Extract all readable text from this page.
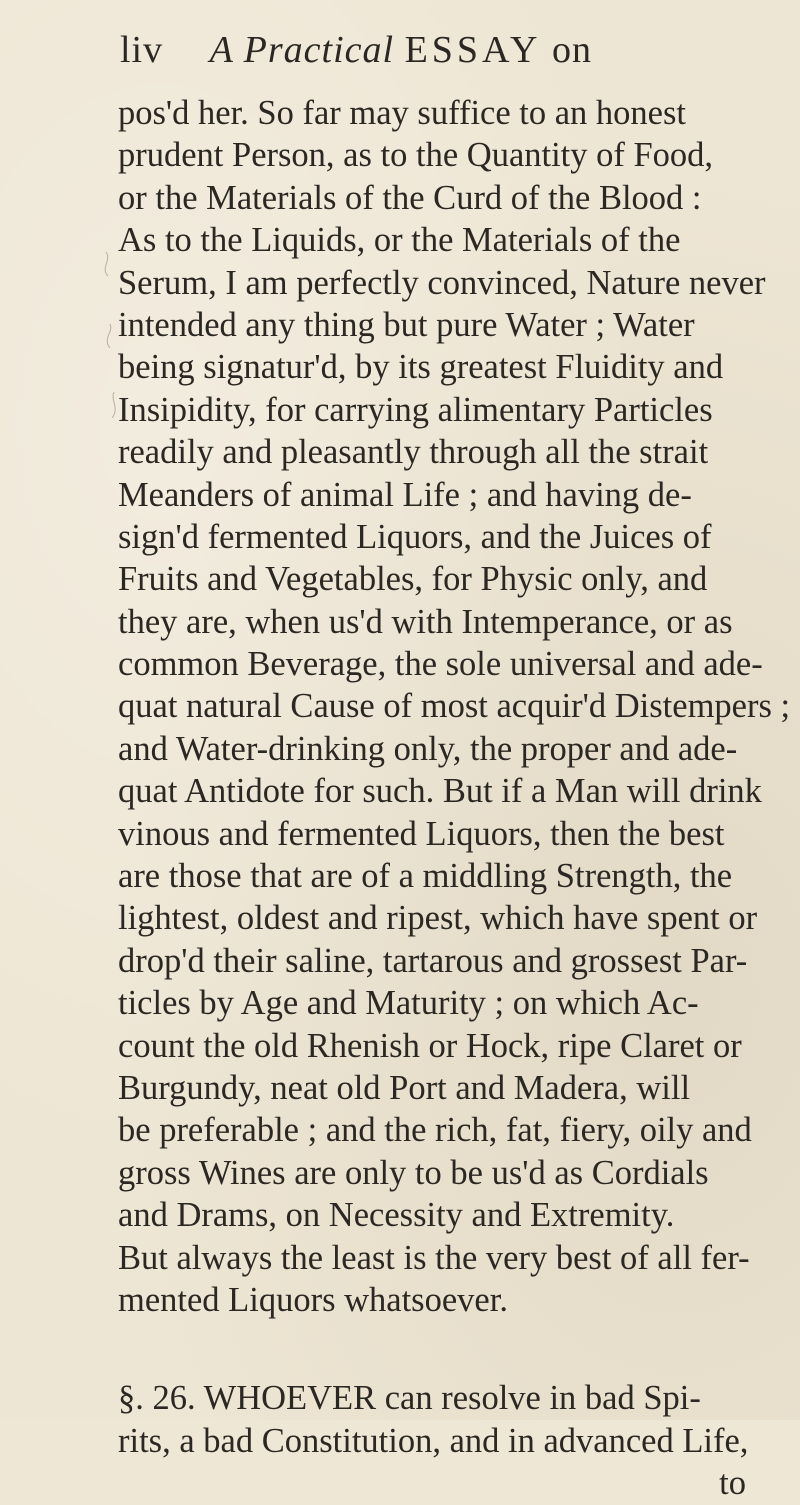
liv A Practical ESSAY on
pos'd her. So far may suffice to an honest
prudent Person, as to the Quantity of Food,
or the Materials of the Curd of the Blood :
As to the Liquids, or the Materials of the
Serum, I am perfectly convinced, Nature never
intended any thing but pure Water ; Water
being signatur'd, by its greatest Fluidity and
Insipidity, for carrying alimentary Particles
readily and pleasantly through all the strait
Meanders of animal Life ; and having de-
sign'd fermented Liquors, and the Juices of
Fruits and Vegetables, for Physic only, and
they are, when us'd with Intemperance, or as
common Beverage, the sole universal and ade-
quat natural Cause of most acquir'd Distempers ;
and Water-drinking only, the proper and ade-
quat Antidote for such. But if a Man will drink
vinous and fermented Liquors, then the best
are those that are of a middling Strength, the
lightest, oldest and ripest, which have spent or
drop'd their saline, tartarous and grossest Par-
ticles by Age and Maturity ; on which Ac-
count the old Rhenish or Hock, ripe Claret or
Burgundy, neat old Port and Madera, will
be preferable ; and the rich, fat, fiery, oily and
gross Wines are only to be us'd as Cordials
and Drams, on Necessity and Extremity.
But always the least is the very best of all fer-
mented Liquors whatsoever.
§. 26. WHOEVER can resolve in bad Spi-
rits, a bad Constitution, and in advanced Life,
to
